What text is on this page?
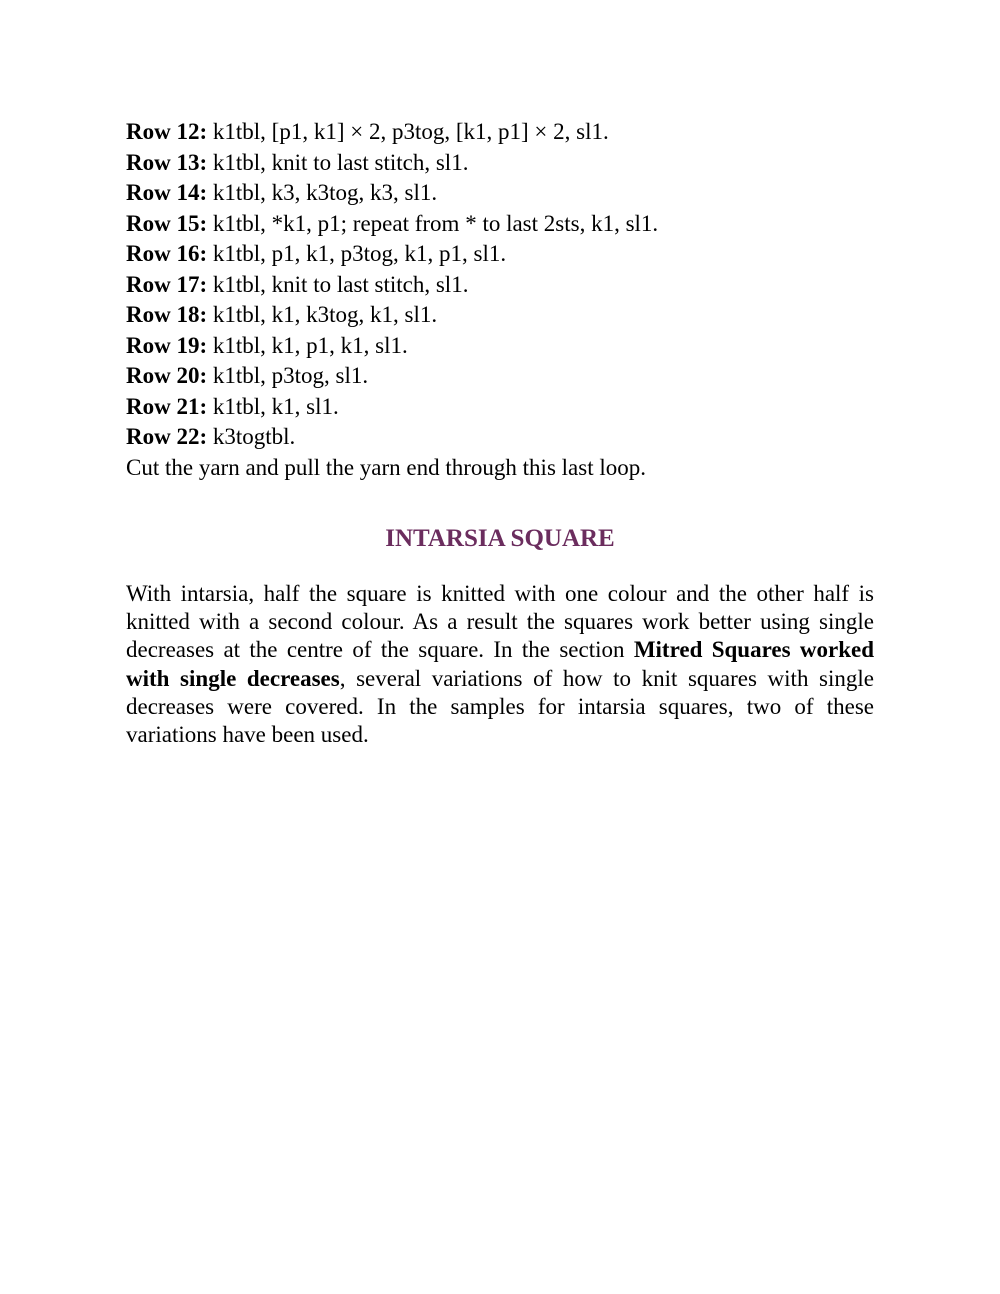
Row 12: k1tbl, [p1, k1] × 2, p3tog, [k1, p1] × 2, sl1.
Row 13: k1tbl, knit to last stitch, sl1.
Row 14: k1tbl, k3, k3tog, k3, sl1.
Row 15: k1tbl, *k1, p1; repeat from * to last 2sts, k1, sl1.
Row 16: k1tbl, p1, k1, p3tog, k1, p1, sl1.
Row 17: k1tbl, knit to last stitch, sl1.
Row 18: k1tbl, k1, k3tog, k1, sl1.
Row 19: k1tbl, k1, p1, k1, sl1.
Row 20: k1tbl, p3tog, sl1.
Row 21: k1tbl, k1, sl1.
Row 22: k3togtbl.
Cut the yarn and pull the yarn end through this last loop.
INTARSIA SQUARE

With intarsia, half the square is knitted with one colour and the other half is knitted with a second colour. As a result the squares work better using single decreases at the centre of the square. In the section Mitred Squares worked with single decreases, several variations of how to knit squares with single decreases were covered. In the samples for intarsia squares, two of these variations have been used.
